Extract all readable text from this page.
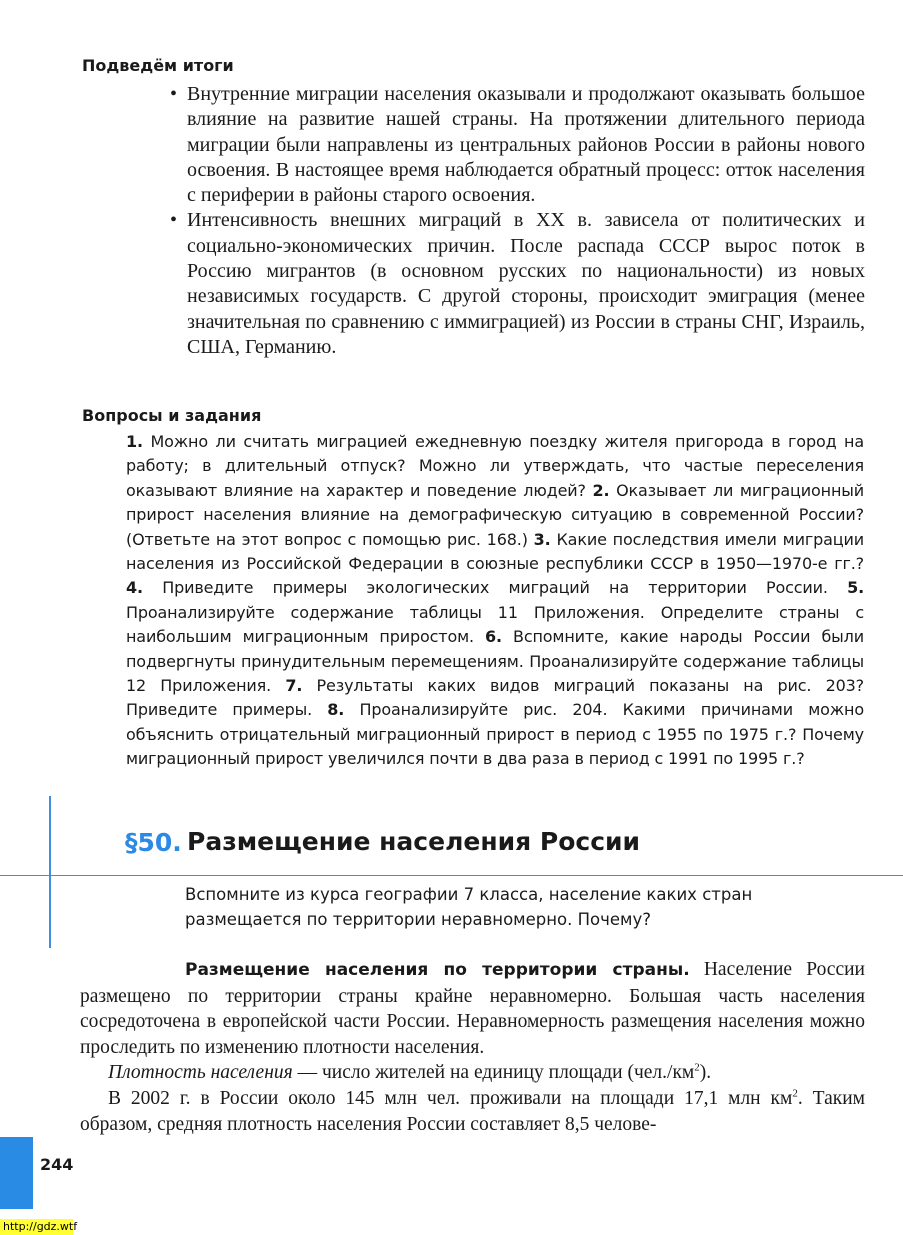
Подведём итоги
• Внутренние миграции населения оказывали и продолжают оказывать большое влияние на развитие нашей страны. На протяжении длительного периода миграции были направлены из центральных районов России в районы нового освоения. В настоящее время наблюдается обратный процесс: отток населения с периферии в районы старого освоения.
• Интенсивность внешних миграций в XX в. зависела от политических и социально-экономических причин. После распада СССР вырос поток в Россию мигрантов (в основном русских по национальности) из новых независимых государств. С другой стороны, происходит эмиграция (менее значительная по сравнению с иммиграцией) из России в страны СНГ, Израиль, США, Германию.
Вопросы и задания
1. Можно ли считать миграцией ежедневную поездку жителя пригорода в город на работу; в длительный отпуск? Можно ли утверждать, что частые переселения оказывают влияние на характер и поведение людей? 2. Оказывает ли миграционный прирост населения влияние на демографическую ситуацию в современной России? (Ответьте на этот вопрос с помощью рис. 168.) 3. Какие последствия имели миграции населения из Российской Федерации в союзные республики СССР в 1950—1970-е гг.? 4. Приведите примеры экологических миграций на территории России. 5. Проанализируйте содержание таблицы 11 Приложения. Определите страны с наибольшим миграционным приростом. 6. Вспомните, какие народы России были подвергнуты принудительным перемещениям. Проанализируйте содержание таблицы 12 Приложения. 7. Результаты каких видов миграций показаны на рис. 203? Приведите примеры. 8. Проанализируйте рис. 204. Какими причинами можно объяснить отрицательный миграционный прирост в период с 1955 по 1975 г.? Почему миграционный прирост увеличился почти в два раза в период с 1991 по 1995 г.?
§50. Размещение населения России
Вспомните из курса географии 7 класса, население каких стран размещается по территории неравномерно. Почему?

Размещение населения по территории страны. Население России размещено по территории страны крайне неравномерно. Большая часть населения сосредоточена в европейской части России. Неравномерность размещения населения можно проследить по изменению плотности населения.

Плотность населения — число жителей на единицу площади $(чел./км^2)$.

В 2002 г. в России около 145 млн чел. проживали на площади 17,1 млн $км^2$. Таким образом, средняя плотность населения России составляет 8,5 челове-

244
http://gdz.wtf
